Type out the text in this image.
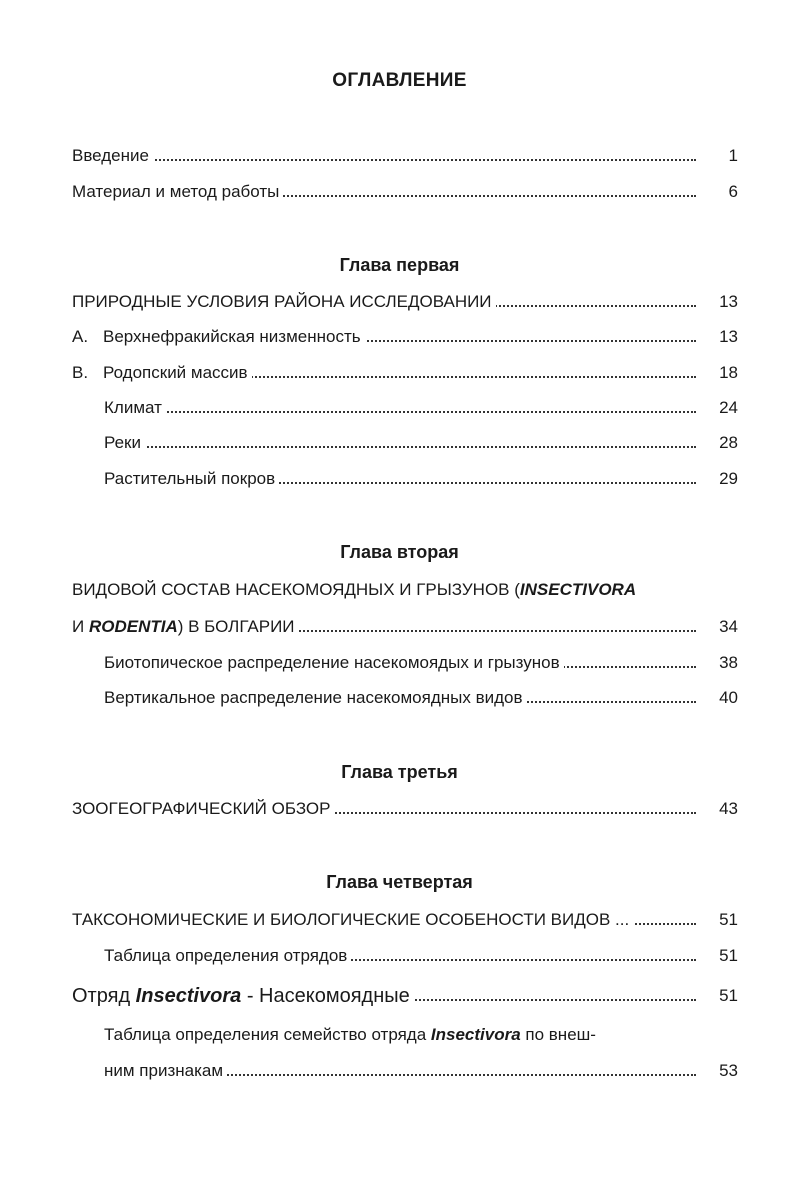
ОГЛАВЛЕНИЕ
Введение	1
Материал и метод работы	6
Глава первая
ПРИРОДНЫЕ УСЛОВИЯ РАЙОНА ИССЛЕДОВАНИИ	13
A. Верхнефракийская низменность	13
B. Родопский массив	18
Климат	24
Реки	28
Растительный покров	29
Глава вторая
ВИДОВОЙ СОСТАВ НАСЕКОМОЯДНЫХ И ГРЫЗУНОВ (INSECTIVORA
И RODENTIA) В БОЛГАРИИ	34
Биотопическое распределение насекомоядых и грызунов	38
Вертикальное распределение насекомоядных видов	40
Глава третья
ЗООГЕОГРАФИЧЕСКИЙ ОБЗОР	43
Глава четвертая
ТАКСОНОМИЧЕСКИЕ И БИОЛОГИЧЕСКИЕ ОСОБЕНОСТИ ВИДОВ ...	51
Таблица определения отрядов	51
Отряд Insectivora - Насекомоядные	51
Таблица определения семейство отряда Insectivora по внеш-
ним признакам	53
